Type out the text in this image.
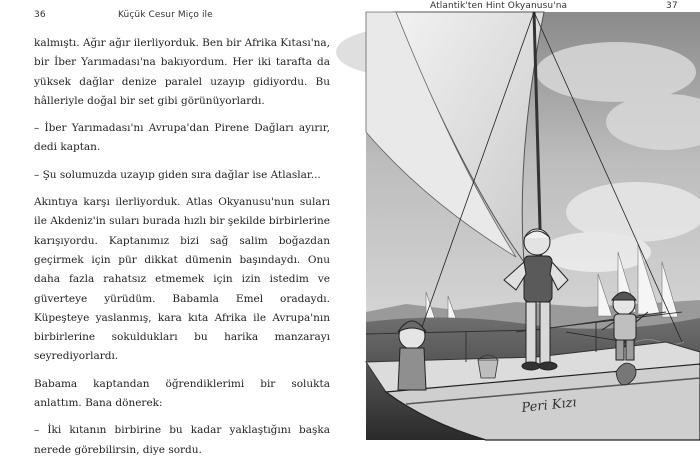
36	Küçük Cesur Miço ile

kalmıştı. Ağır ağır ilerliyorduk. Ben bir Afrika Kıtası'na, bir İber Yarımadası'na bakıyordum. Her iki tarafta da yüksek dağlar denize paralel uzayıp gidiyordu. Bu hâlleriyle doğal bir set gibi görünüyorlardı.

– İber Yarımadası'nı Avrupa'dan Pirene Dağları ayırır, dedi kaptan.

– Şu solumuzda uzayıp giden sıra dağlar ise Atlaslar...

Akıntıya karşı ilerliyorduk. Atlas Okyanusu'nun suları ile Akdeniz'in suları burada hızlı bir şekilde birbirlerine karışıyordu. Kaptanımız bizi sağ salim boğazdan geçirmek için pür dikkat dümenin başındaydı. Onu daha fazla rahatsız etmemek için izin istedim ve güverteye yürüdüm. Babamla Emel oradaydı. Küpeşteye yaslanmış, kara kıta Afrika ile Avrupa'nın birbirlerine sokuldukları bu harika manzarayı seyrediyorlardı.

Babama kaptandan öğrendiklerimi bir solukta anlattım. Bana dönerek:

– İki kıtanın birbirine bu kadar yaklaştığını başka nerede görebilirsin, diye sordu.

Atlantik'ten Hint Okyanusu'na	37
Peri Kızı
